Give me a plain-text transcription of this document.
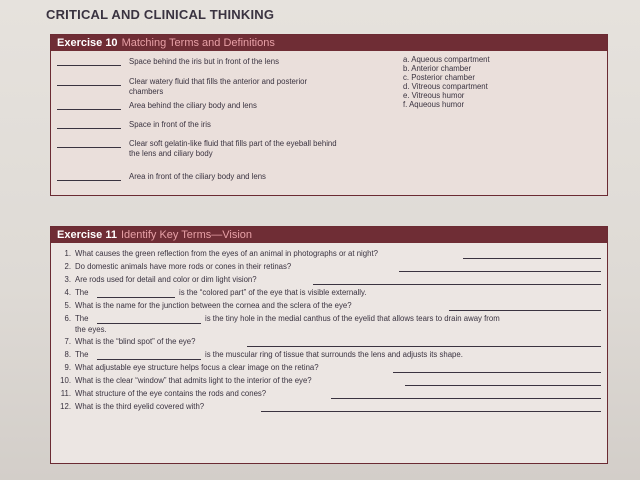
CRITICAL AND CLINICAL THINKING
Exercise 10 Matching Terms and Definitions
a. Aqueous compartment
b. Anterior chamber
c. Posterior chamber
d. Vitreous compartment
e. Vitreous humor
f. Aqueous humor
Space behind the iris but in front of the lens
Clear watery fluid that fills the anterior and posterior
chambers
Area behind the ciliary body and lens
Space in front of the iris
Clear soft gelatin-like fluid that fills part of the eyeball behind
the lens and ciliary body
Area in front of the ciliary body and lens
Exercise 11 Identify Key Terms—Vision
1. What causes the green reflection from the eyes of an animal in photographs or at night?
2. Do domestic animals have more rods or cones in their retinas?
3. Are rods used for detail and color or dim light vision?
4. The	is the “colored part” of the eye that is visible externally.
5. What is the name for the junction between the cornea and the sclera of the eye?
6. The	is the tiny hole in the medial canthus of the eyelid that allows tears to drain away from
the eyes.
7. What is the “blind spot” of the eye?
8. The	is the muscular ring of tissue that surrounds the lens and adjusts its shape.
9. What adjustable eye structure helps focus a clear image on the retina?
10. What is the clear “window” that admits light to the interior of the eye?
11. What structure of the eye contains the rods and cones?
12. What is the third eyelid covered with?
